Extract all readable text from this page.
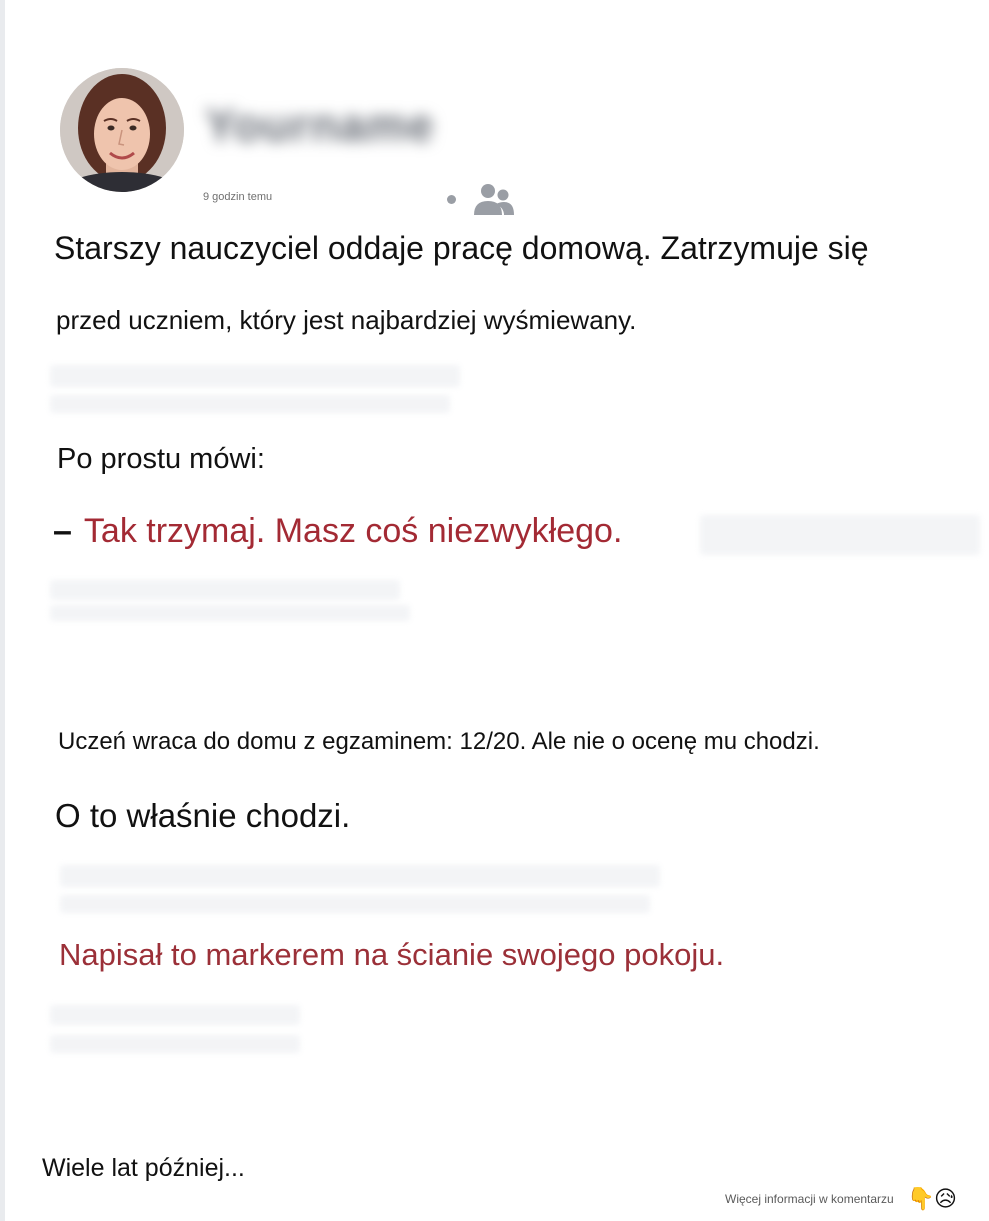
Yourname
9 godzin temu

Starszy nauczyciel oddaje pracę domową. Zatrzymuje się

przed uczniem, który jest najbardziej wyśmiewany.

Po prostu mówi:

– Tak trzymaj. Masz coś niezwykłego.

Uczeń wraca do domu z egzaminem: 12/20. Ale nie o ocenę mu chodzi.

O to właśnie chodzi.

Napisał to markerem na ścianie swojego pokoju.

Wiele lat później...

Więcej informacji w komentarzu 👇 😥
